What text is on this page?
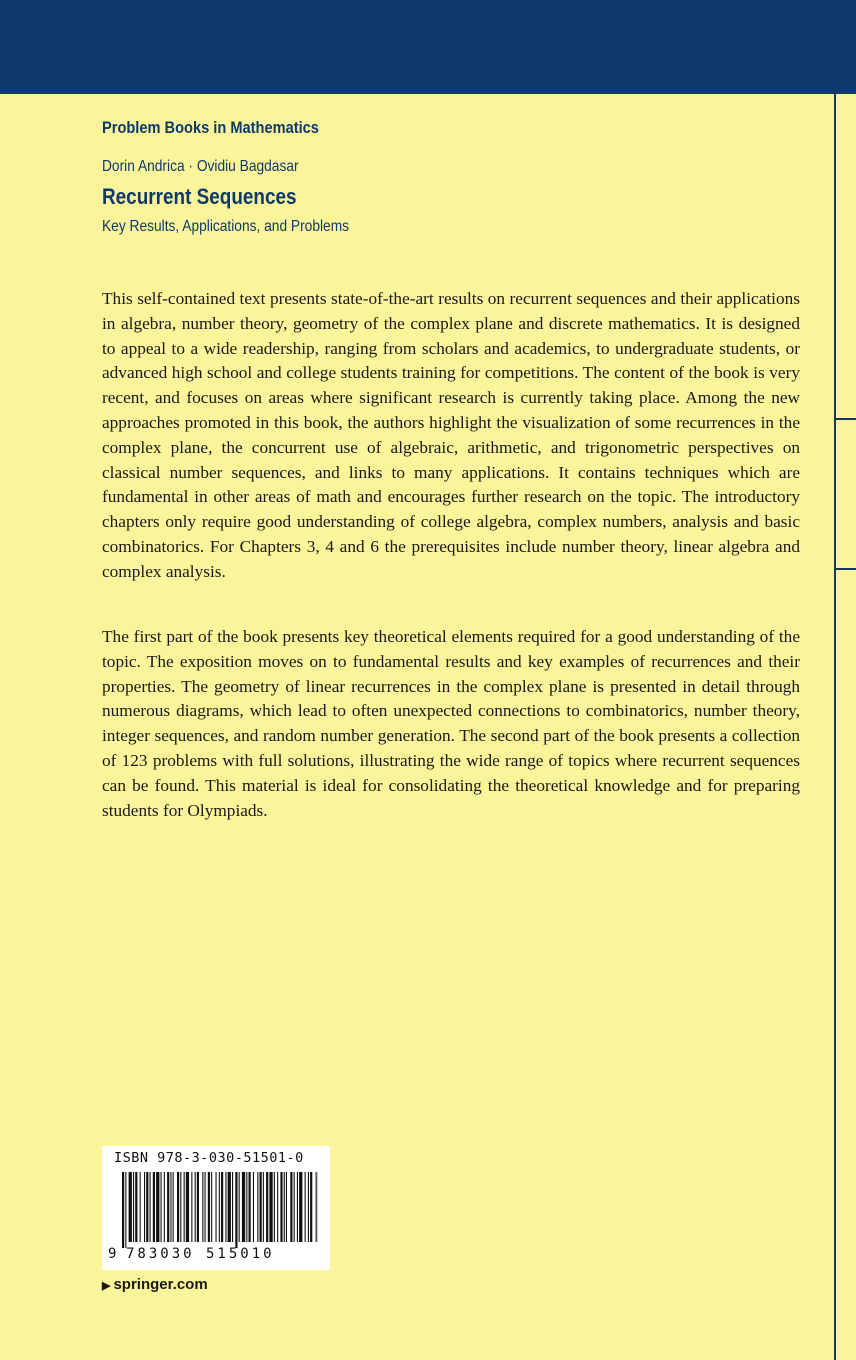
Problem Books in Mathematics
Dorin Andrica · Ovidiu Bagdasar
Recurrent Sequences
Key Results, Applications, and Problems

This self-contained text presents state-of-the-art results on recurrent sequences and their applications in algebra, number theory, geometry of the complex plane and discrete mathematics. It is designed to appeal to a wide readership, ranging from scholars and academics, to undergraduate students, or advanced high school and college students training for competitions. The content of the book is very recent, and focuses on areas where significant research is currently taking place. Among the new approaches promoted in this book, the authors highlight the visualization of some recurrences in the complex plane, the concurrent use of algebraic, arithmetic, and trigonometric perspectives on classical number sequences, and links to many applications. It contains techniques which are fundamental in other areas of math and encourages further research on the topic. The introductory chapters only require good understanding of college algebra, complex numbers, analysis and basic combinatorics. For Chapters 3, 4 and 6 the prerequisites include number theory, linear algebra and complex analysis.

The first part of the book presents key theoretical elements required for a good understanding of the topic. The exposition moves on to fundamental results and key examples of recurrences and their properties. The geometry of linear recurrences in the complex plane is presented in detail through numerous diagrams, which lead to often unexpected connections to combinatorics, number theory, integer sequences, and random number generation. The second part of the book presents a collection of 123 problems with full solutions, illustrating the wide range of topics where recurrent sequences can be found. This material is ideal for consolidating the theoretical knowledge and for preparing students for Olympiads.

ISBN 978-3-030-51501-0
9 783030 515010
▶ springer.com
